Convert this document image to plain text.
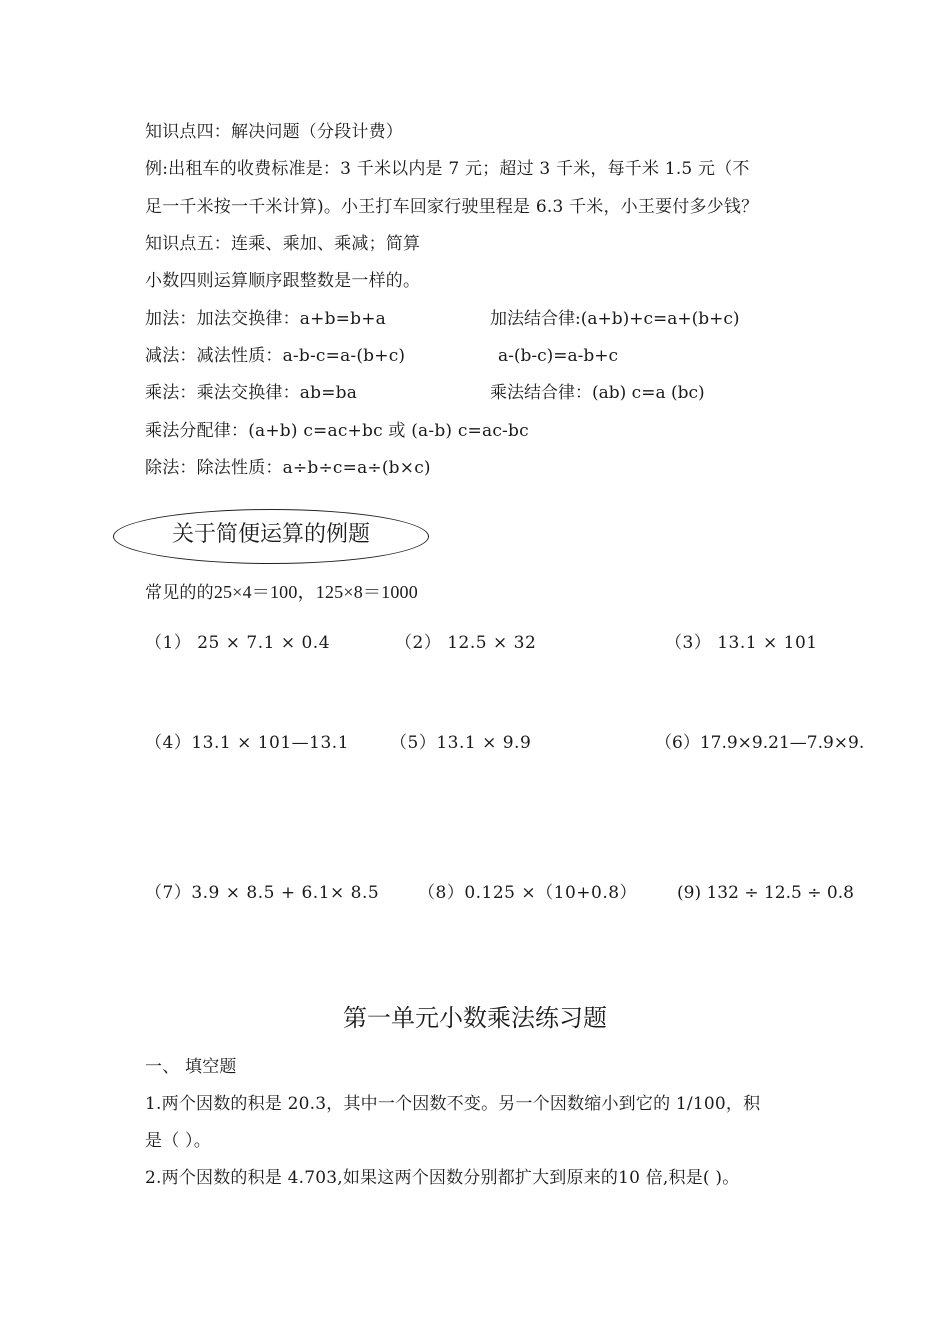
知识点四：解决问题（分段计费）
例:出租车的收费标准是：3 千米以内是 7 元；超过 3 千米，每千米 1.5 元（不
足一千米按一千米计算)。小王打车回家行驶里程是 6.3 千米，小王要付多少钱？
知识点五：连乘、乘加、乘减；简算
小数四则运算顺序跟整数是一样的。
加法：加法交换律：a+b=b+a	加法结合律:(a+b)+c=a+(b+c)
减法：减法性质：a-b-c=a-(b+c)	a-(b-c)=a-b+c
乘法：乘法交换律：ab=ba	乘法结合律：(ab) c=a (bc)
乘法分配律：(a+b) c=ac+bc 或 (a-b) c=ac-bc
除法：除法性质：a÷b÷c=a÷(b×c)
关于简便运算的例题
常见的的25×4＝100，125×8＝1000
（1） 25 × 7.1 × 0.4	（2） 12.5 × 32	（3） 13.1 × 101
（4）13.1 × 101—13.1 （5）13.1 × 9.9	（6）17.9×9.21—7.9×9.
（7）3.9 × 8.5 + 6.1× 8.5 （8）0.125 ×（10+0.8） (9) 132 ÷ 12.5 ÷ 0.8
第一单元小数乘法练习题
一、 填空题
1.两个因数的积是 20.3，其中一个因数不变。另一个因数缩小到它的 1/100，积
是（ ）。
2.两个因数的积是 4.703,如果这两个因数分别都扩大到原来的10 倍,积是( )。
